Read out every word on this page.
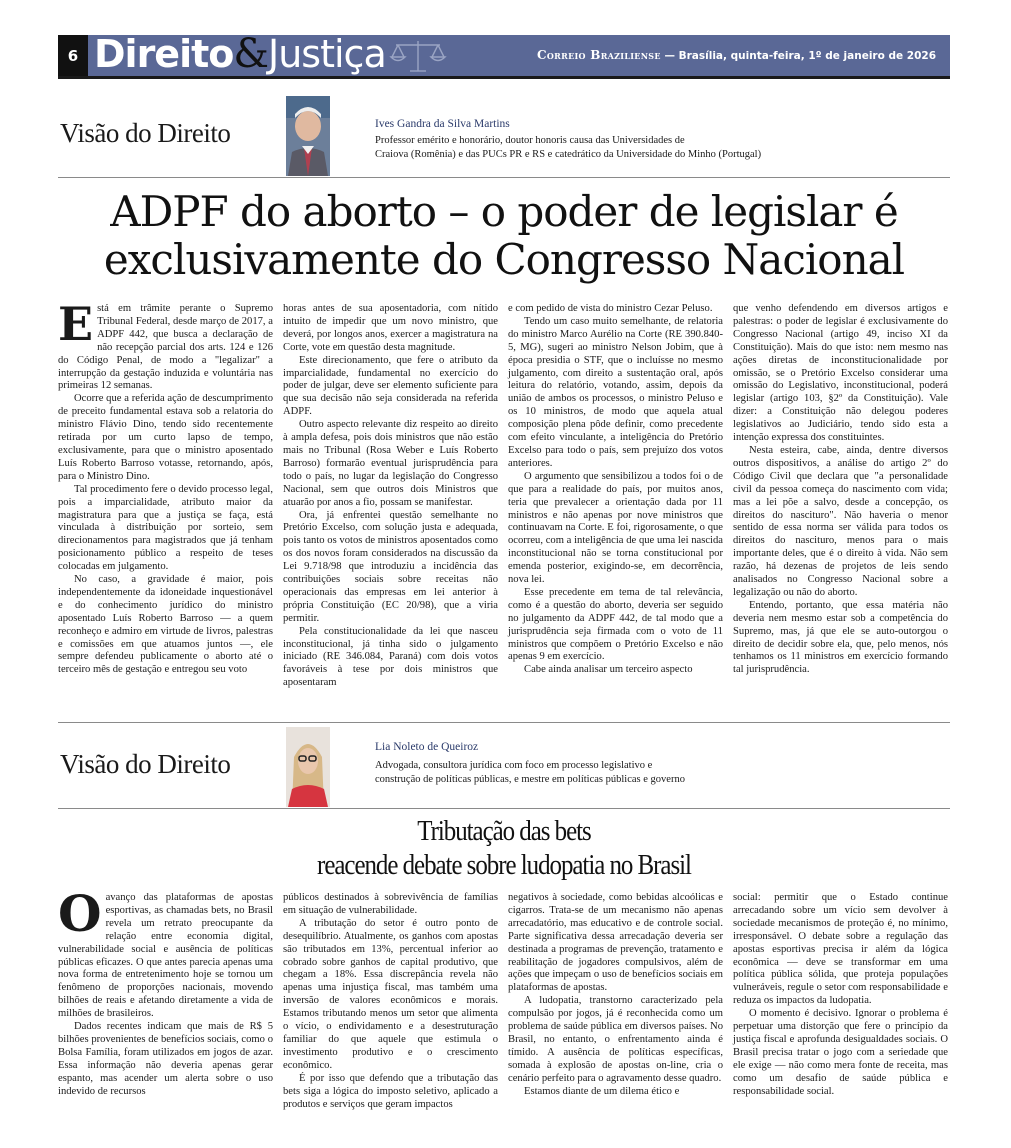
6 Direito&Justiça	Correio Braziliense — Brasília, quinta-feira, 1º de janeiro de 2026
Visão do Direito	Ives Gandra da Silva Martins
Professor emérito e honorário, doutor honoris causa das Universidades de
Craiova (Romênia) e das PUCs PR e RS e catedrático da Universidade do Minho (Portugal)
ADPF do aborto – o poder de legislar é
exclusivamente do Congresso Nacional

Está em trâmite perante o Supremo Tribunal Federal, desde março de 2017, a ADPF 442, que busca a declaração de não recepção parcial dos arts. 124 e 126 do Código Penal, de modo a "legalizar" a interrupção da gestação induzida e voluntária nas primeiras 12 semanas.

Ocorre que a referida ação de descumprimento de preceito fundamental estava sob a relatoria do ministro Flávio Dino, tendo sido recentemente retirada por um curto lapso de tempo, exclusivamente, para que o ministro aposentado Luís Roberto Barroso votasse, retornando, após, para o Ministro Dino.

Tal procedimento fere o devido processo legal, pois a imparcialidade, atributo maior da magistratura para que a justiça se faça, está vinculada à distribuição por sorteio, sem direcionamentos para magistrados que já tenham posicionamento público a respeito de teses colocadas em julgamento.

No caso, a gravidade é maior, pois independentemente da idoneidade inquestionável e do conhecimento jurídico do ministro aposentado Luís Roberto Barroso — a quem reconheço e admiro em virtude de livros, palestras e comissões em que atuamos juntos —, ele sempre defendeu publicamente o aborto até o terceiro mês de gestação e entregou seu voto

horas antes de sua aposentadoria, com nítido intuito de impedir que um novo ministro, que deverá, por longos anos, exercer a magistratura na Corte, vote em questão desta magnitude.

Este direcionamento, que fere o atributo da imparcialidade, fundamental no exercício do poder de julgar, deve ser elemento suficiente para que sua decisão não seja considerada na referida ADPF.

Outro aspecto relevante diz respeito ao direito à ampla defesa, pois dois ministros que não estão mais no Tribunal (Rosa Weber e Luís Roberto Barroso) formarão eventual jurisprudência para todo o país, no lugar da legislação do Congresso Nacional, sem que outros dois Ministros que atuarão por anos a fio, possam se manifestar.

Ora, já enfrentei questão semelhante no Pretório Excelso, com solução justa e adequada, pois tanto os votos de ministros aposentados como os dos novos foram considerados na discussão da Lei 9.718/98 que introduziu a incidência das contribuições sociais sobre receitas não operacionais das empresas em lei anterior à própria Constituição (EC 20/98), que a viria permitir.

Pela constitucionalidade da lei que nasceu inconstitucional, já tinha sido o julgamento iniciado (RE 346.084, Paraná) com dois votos favoráveis à tese por dois ministros que aposentaram

e com pedido de vista do ministro Cezar Peluso.

Tendo um caso muito semelhante, de relatoria do ministro Marco Aurélio na Corte (RE 390.840-5, MG), sugeri ao ministro Nelson Jobim, que à época presidia o STF, que o incluísse no mesmo julgamento, com direito a sustentação oral, após leitura do relatório, votando, assim, depois da união de ambos os processos, o ministro Peluso e os 10 ministros, de modo que aquela atual composição plena pôde definir, como precedente com efeito vinculante, a inteligência do Pretório Excelso para todo o país, sem prejuízo dos votos anteriores.

O argumento que sensibilizou a todos foi o de que para a realidade do país, por muitos anos, teria que prevalecer a orientação dada por 11 ministros e não apenas por nove ministros que continuavam na Corte. E foi, rigorosamente, o que ocorreu, com a inteligência de que uma lei nascida inconstitucional não se torna constitucional por emenda posterior, exigindo-se, em decorrência, nova lei.

Esse precedente em tema de tal relevância, como é a questão do aborto, deveria ser seguido no julgamento da ADPF 442, de tal modo que a jurisprudência seja firmada com o voto de 11 ministros que compõem o Pretório Excelso e não apenas 9 em exercício.

Cabe ainda analisar um terceiro aspecto

que venho defendendo em diversos artigos e palestras: o poder de legislar é exclusivamente do Congresso Nacional (artigo 49, inciso XI da Constituição). Mais do que isto: nem mesmo nas ações diretas de inconstitucionalidade por omissão, se o Pretório Excelso considerar uma omissão do Legislativo, inconstitucional, poderá legislar (artigo 103, §2º da Constituição). Vale dizer: a Constituição não delegou poderes legislativos ao Judiciário, tendo sido esta a intenção expressa dos constituintes.

Nesta esteira, cabe, ainda, dentre diversos outros dispositivos, a análise do artigo 2º do Código Civil que declara que "a personalidade civil da pessoa começa do nascimento com vida; mas a lei põe a salvo, desde a concepção, os direitos do nascituro". Não haveria o menor sentido de essa norma ser válida para todos os direitos do nascituro, menos para o mais importante deles, que é o direito à vida. Não sem razão, há dezenas de projetos de leis sendo analisados no Congresso Nacional sobre a legalização ou não do aborto.

Entendo, portanto, que essa matéria não deveria nem mesmo estar sob a competência do Supremo, mas, já que ele se auto-outorgou o direito de decidir sobre ela, que, pelo menos, nós tenhamos os 11 ministros em exercício formando tal jurisprudência.

Visão do Direito
Lia Noleto de Queiroz
Advogada, consultora jurídica com foco em processo legislativo e
construção de políticas públicas, e mestre em políticas públicas e governo
Tributação das bets
reacende debate sobre ludopatia no Brasil

Oavanço das plataformas de apostas esportivas, as chamadas bets, no Brasil revela um retrato preocupante da relação entre economia digital, vulnerabilidade social e ausência de políticas públicas eficazes. O que antes parecia apenas uma nova forma de entretenimento hoje se tornou um fenômeno de proporções nacionais, movendo bilhões de reais e afetando diretamente a vida de milhões de brasileiros.

Dados recentes indicam que mais de R$ 5 bilhões provenientes de benefícios sociais, como o Bolsa Família, foram utilizados em jogos de azar. Essa informação não deveria apenas gerar espanto, mas acender um alerta sobre o uso indevido de recursos

públicos destinados à sobrevivência de famílias em situação de vulnerabilidade.

A tributação do setor é outro ponto de desequilíbrio. Atualmente, os ganhos com apostas são tributados em 13%, percentual inferior ao cobrado sobre ganhos de capital produtivo, que chegam a 18%. Essa discrepância revela não apenas uma injustiça fiscal, mas também uma inversão de valores econômicos e morais. Estamos tributando menos um setor que alimenta o vício, o endividamento e a desestruturação familiar do que aquele que estimula o investimento produtivo e o crescimento econômico.

É por isso que defendo que a tributação das bets siga a lógica do imposto seletivo, aplicado a produtos e serviços que geram impactos

negativos à sociedade, como bebidas alcoólicas e cigarros. Trata-se de um mecanismo não apenas arrecadatório, mas educativo e de controle social. Parte significativa dessa arrecadação deveria ser destinada a programas de prevenção, tratamento e reabilitação de jogadores compulsivos, além de ações que impeçam o uso de benefícios sociais em plataformas de apostas.

A ludopatia, transtorno caracterizado pela compulsão por jogos, já é reconhecida como um problema de saúde pública em diversos países. No Brasil, no entanto, o enfrentamento ainda é tímido. A ausência de políticas específicas, somada à explosão de apostas on-line, cria o cenário perfeito para o agravamento desse quadro.

Estamos diante de um dilema ético e

social: permitir que o Estado continue arrecadando sobre um vício sem devolver à sociedade mecanismos de proteção é, no mínimo, irresponsável. O debate sobre a regulação das apostas esportivas precisa ir além da lógica econômica — deve se transformar em uma política pública sólida, que proteja populações vulneráveis, regule o setor com responsabilidade e reduza os impactos da ludopatia.

O momento é decisivo. Ignorar o problema é perpetuar uma distorção que fere o princípio da justiça fiscal e aprofunda desigualdades sociais. O Brasil precisa tratar o jogo com a seriedade que ele exige — não como mera fonte de receita, mas como um desafio de saúde pública e responsabilidade social.
